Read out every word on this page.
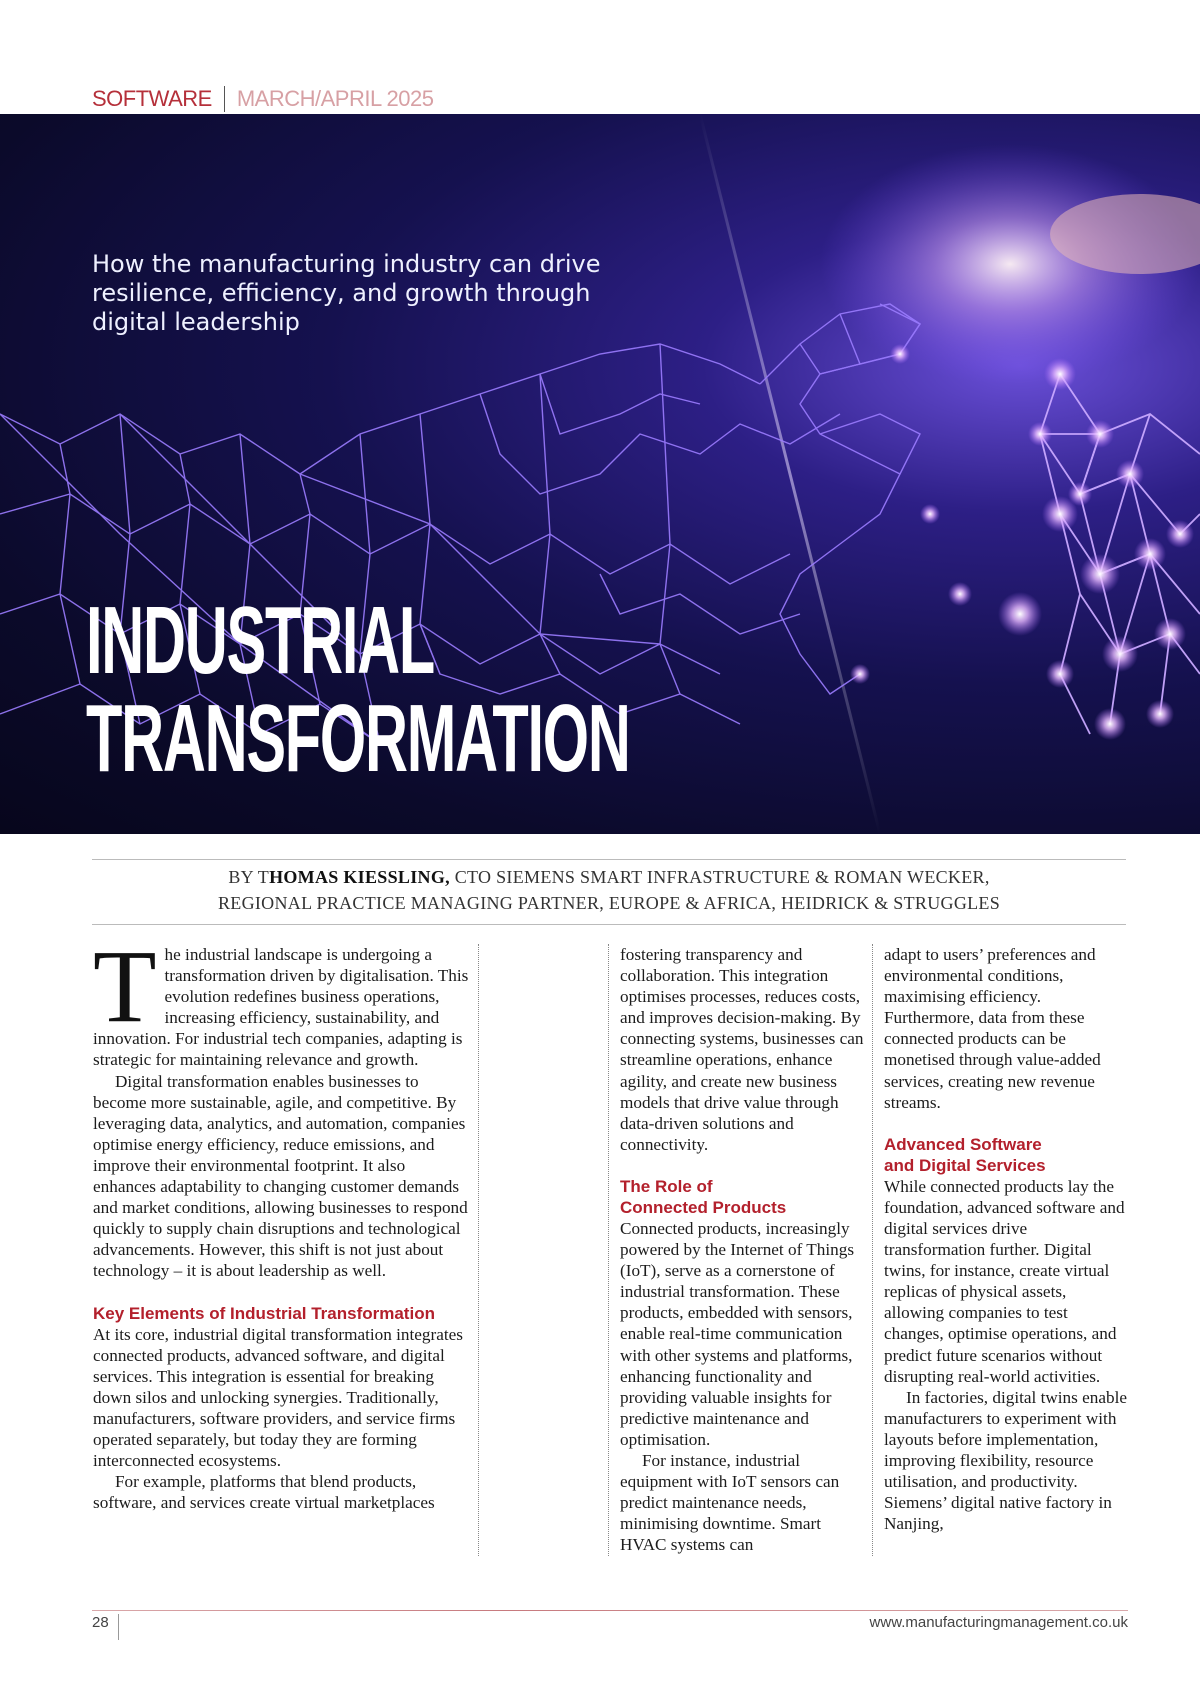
SOFTWARE MARCH/APRIL 2025
How the manufacturing industry can drive resilience, efficiency, and growth through digital leadership
INDUSTRIAL
TRANSFORMATION
BY THOMAS KIESSLING, CTO SIEMENS SMART INFRASTRUCTURE & ROMAN WECKER,
REGIONAL PRACTICE MANAGING PARTNER, EUROPE & AFRICA, HEIDRICK & STRUGGLES

The industrial landscape is undergoing a transformation driven by digitalisation. This evolution redefines business operations, increasing efficiency, sustainability, and innovation. For industrial tech companies, adapting is strategic for maintaining relevance and growth.

Digital transformation enables businesses to become more sustainable, agile, and competitive. By leveraging data, analytics, and automation, companies optimise energy efficiency, reduce emissions, and improve their environmental footprint. It also enhances adaptability to changing customer demands and market conditions, allowing businesses to respond quickly to supply chain disruptions and technological advancements. However, this shift is not just about technology – it is about leadership as well.

Key Elements of Industrial Transformation

At its core, industrial digital transformation integrates connected products, advanced software, and digital services. This integration is essential for breaking down silos and unlocking synergies. Traditionally, manufacturers, software providers, and service firms operated separately, but today they are forming interconnected ecosystems.

For example, platforms that blend products, software, and services create virtual marketplaces

fostering transparency and collaboration. This integration optimises processes, reduces costs, and improves decision-making. By connecting systems, businesses can streamline operations, enhance agility, and create new business models that drive value through data-driven solutions and connectivity.

The Role of
Connected Products

Connected products, increasingly powered by the Internet of Things (IoT), serve as a cornerstone of industrial transformation. These products, embedded with sensors, enable real-time communication with other systems and platforms, enhancing functionality and providing valuable insights for predictive maintenance and optimisation.

For instance, industrial equipment with IoT sensors can predict maintenance needs, minimising downtime. Smart HVAC systems can

adapt to users’ preferences and environmental conditions, maximising efficiency. Furthermore, data from these connected products can be monetised through value-added services, creating new revenue streams.

Advanced Software
and Digital Services

While connected products lay the foundation, advanced software and digital services drive transformation further. Digital twins, for instance, create virtual replicas of physical assets, allowing companies to test changes, optimise operations, and predict future scenarios without disrupting real-world activities.

In factories, digital twins enable manufacturers to experiment with layouts before implementation, improving flexibility, resource utilisation, and productivity. Siemens’ digital native factory in Nanjing,

28	www.manufacturingmanagement.co.uk
